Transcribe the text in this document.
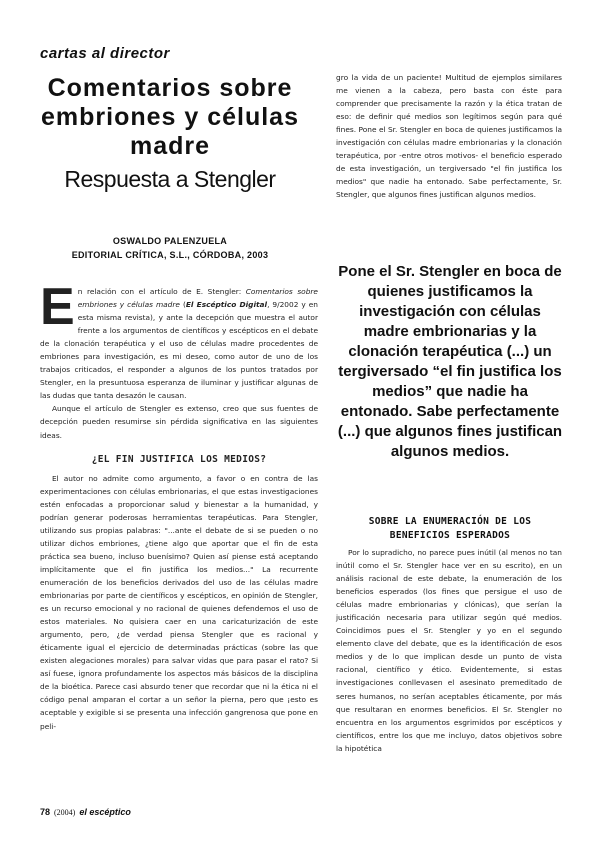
cartas al director
Comentarios sobre embriones y células madre
Respuesta a Stengler
OSWALDO PALENZUELA
EDITORIAL CRÍTICA, S.L., CÓRDOBA, 2003

En relación con el artículo de E. Stengler: Comentarios sobre embriones y células madre (El Escéptico Digital, 9/2002 y en esta misma revista), y ante la decepción que muestra el autor frente a los argumentos de científicos y escépticos en el debate de la clonación terapéutica y el uso de células madre procedentes de embriones para investigación, es mi deseo, como autor de uno de los trabajos criticados, el responder a algunos de los puntos tratados por Stengler, en la presuntuosa esperanza de iluminar y justificar algunas de las dudas que tanta desazón le causan.

Aunque el artículo de Stengler es extenso, creo que sus fuentes de decepción pueden resumirse sin pérdida significativa en las siguientes ideas.

¿EL FIN JUSTIFICA LOS MEDIOS?

El autor no admite como argumento, a favor o en contra de las experimentaciones con células embrionarias, el que estas investigaciones estén enfocadas a proporcionar salud y bienestar a la humanidad, y podrían generar poderosas herramientas terapéuticas. Para Stengler, utilizando sus propias palabras: "...ante el debate de si se pueden o no utilizar dichos embriones, ¿tiene algo que aportar que el fin de esta práctica sea bueno, incluso buenísimo? Quien así piense está aceptando implícitamente que el fin justifica los medios..." La recurrente enumeración de los beneficios derivados del uso de las células madre embrionarias por parte de científicos y escépticos, en opinión de Stengler, es un recurso emocional y no racional de quienes defendemos el uso de estos materiales. No quisiera caer en una caricaturización de este argumento, pero, ¿de verdad piensa Stengler que es racional y éticamente igual el ejercicio de determinadas prácticas (sobre las que existen alegaciones morales) para salvar vidas que para pasar el rato? Si así fuese, ignora profundamente los aspectos más básicos de la disciplina de la bioética. Parece casi absurdo tener que recordar que ni la ética ni el código penal amparan el cortar a un señor la pierna, pero que ¡esto es aceptable y exigible si se presenta una infección gangrenosa que pone en peli-

gro la vida de un paciente! Multitud de ejemplos similares me vienen a la cabeza, pero basta con éste para comprender que precisamente la razón y la ética tratan de eso: de definir qué medios son legítimos según para qué fines. Pone el Sr. Stengler en boca de quienes justificamos la investigación con células madre embrionarias y la clonación terapéutica, por -entre otros motivos- el beneficio esperado de esta investigación, un tergiversado "el fin justifica los medios" que nadie ha entonado. Sabe perfectamente, Sr. Stengler, que algunos fines justifican algunos medios.

Pone el Sr. Stengler en boca de quienes justificamos la investigación con células madre embrionarias y la clonación terapéutica (...) un tergiversado “el fin justifica los medios” que nadie ha entonado. Sabe perfectamente (...) que algunos fines justifican algunos medios.
SOBRE LA ENUMERACIÓN DE LOS BENEFICIOS ESPERADOS

Por lo supradicho, no parece pues inútil (al menos no tan inútil como el Sr. Stengler hace ver en su escrito), en un análisis racional de este debate, la enumeración de los beneficios esperados (los fines que persigue el uso de células madre embrionarias y clónicas), que serían la justificación necesaria para utilizar según qué medios. Coincidimos pues el Sr. Stengler y yo en el segundo elemento clave del debate, que es la identificación de esos medios y de lo que implican desde un punto de vista racional, científico y ético. Evidentemente, si estas investigaciones conllevasen el asesinato premeditado de seres humanos, no serían aceptables éticamente, por más que resultaran en enormes beneficios. El Sr. Stengler no encuentra en los argumentos esgrimidos por escépticos y científicos, entre los que me incluyo, datos objetivos sobre la hipotética

78 (2004) el escéptico
